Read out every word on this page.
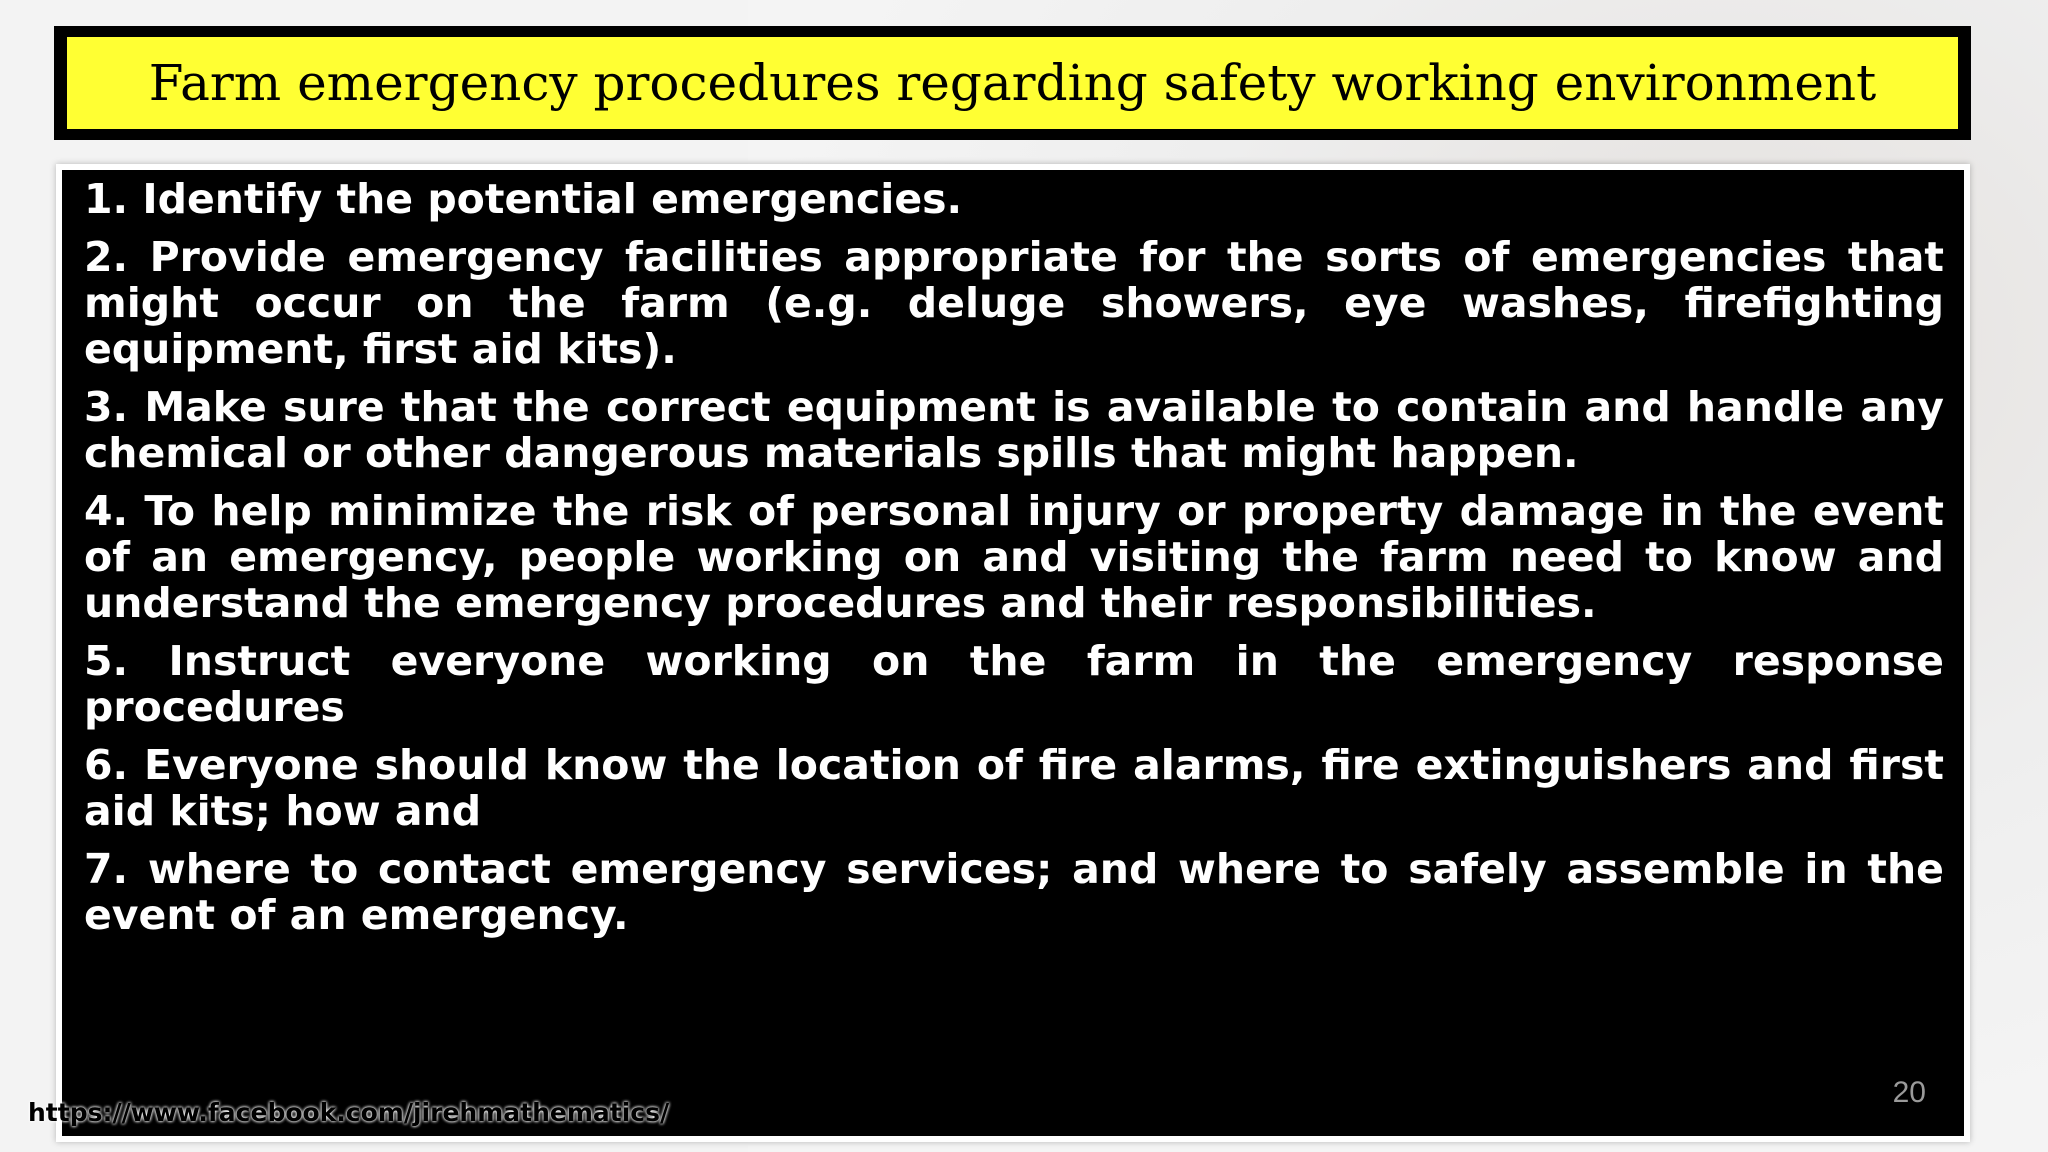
Farm emergency procedures regarding safety working environment

1. Identify the potential emergencies.

2. Provide emergency facilities appropriate for the sorts of emergencies that might occur on the farm (e.g. deluge showers, eye washes, firefighting equipment, first aid kits).

3. Make sure that the correct equipment is available to contain and handle any chemical or other dangerous materials spills that might happen.

4. To help minimize the risk of personal injury or property damage in the event of an emergency, people working on and visiting the farm need to know and understand the emergency procedures and their responsibilities.

5. Instruct everyone working on the farm in the emergency response procedures

6. Everyone should know the location of fire alarms, fire extinguishers and first aid kits; how and

7. where to contact emergency services; and where to safely assemble in the event of an emergency.

20
https://www.facebook.com/jirehmathematics/
